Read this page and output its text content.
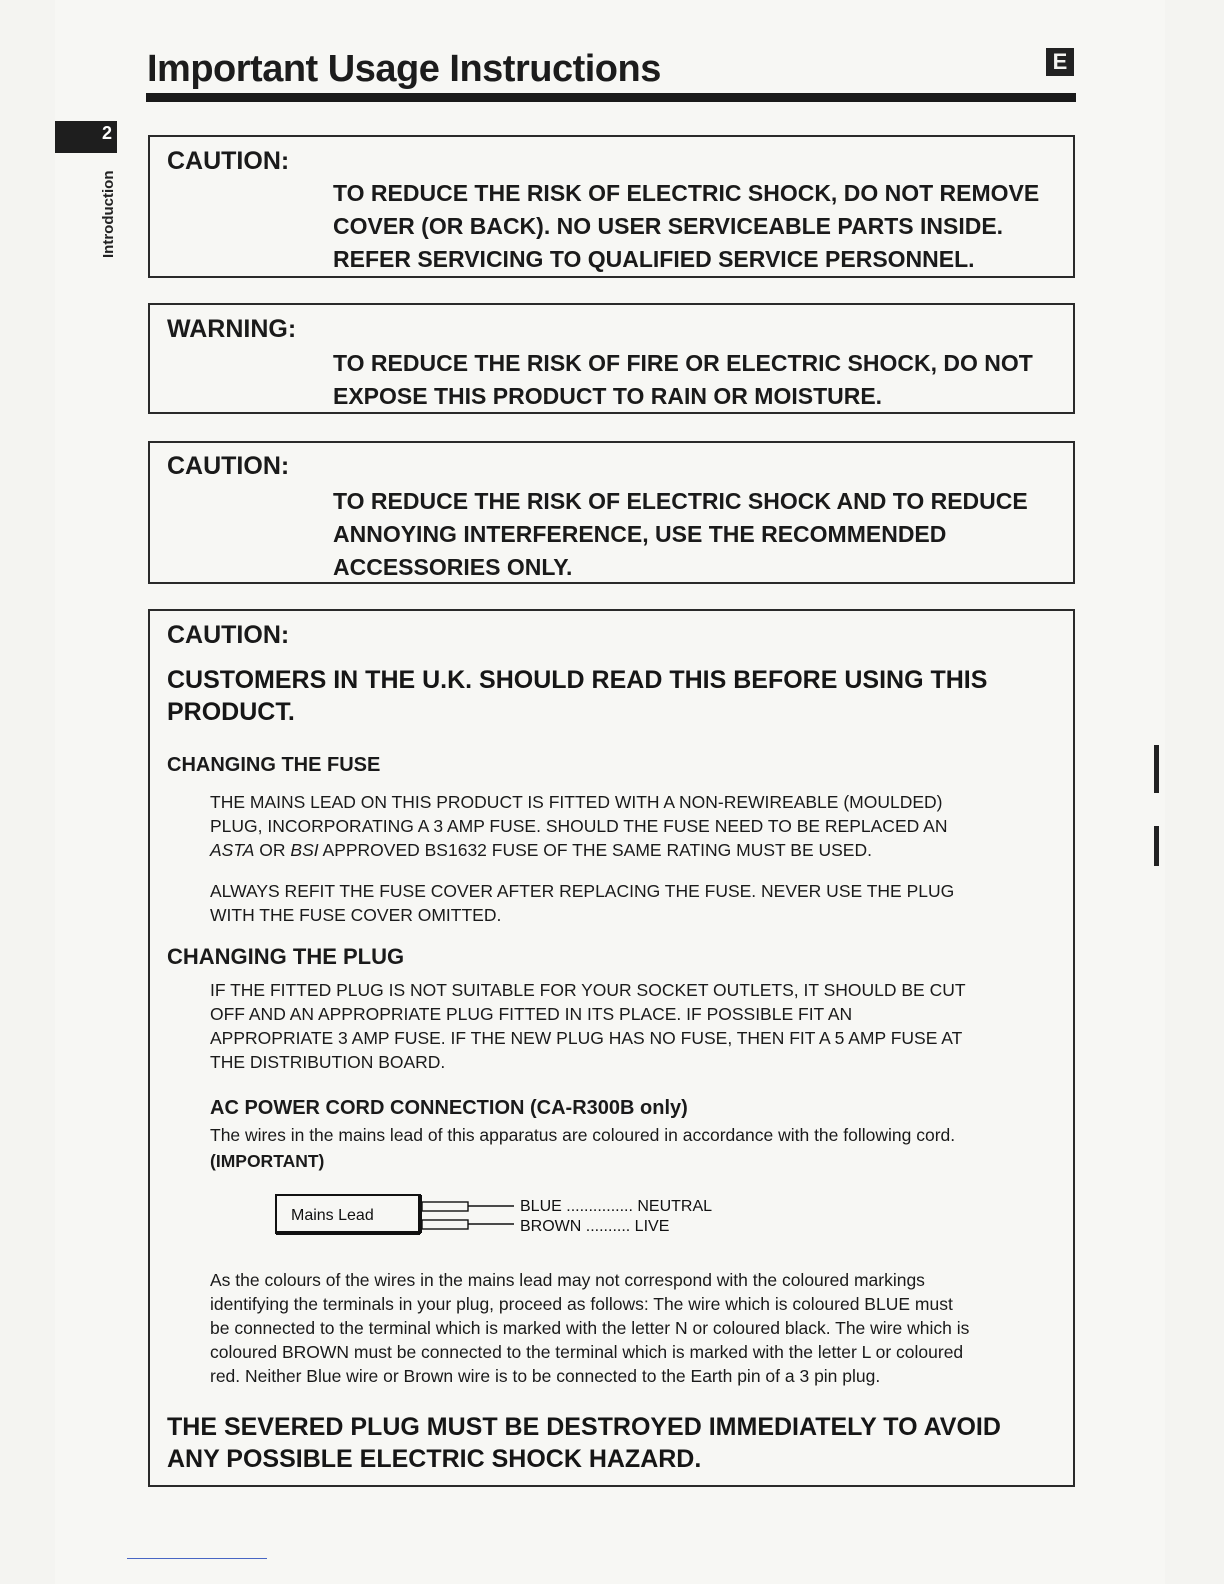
Important Usage Instructions	E
2
Introduction
CAUTION:
TO REDUCE THE RISK OF ELECTRIC SHOCK, DO NOT REMOVE
COVER (OR BACK). NO USER SERVICEABLE PARTS INSIDE.
REFER SERVICING TO QUALIFIED SERVICE PERSONNEL.
WARNING:
TO REDUCE THE RISK OF FIRE OR ELECTRIC SHOCK, DO NOT
EXPOSE THIS PRODUCT TO RAIN OR MOISTURE.
CAUTION:
TO REDUCE THE RISK OF ELECTRIC SHOCK AND TO REDUCE
ANNOYING INTERFERENCE, USE THE RECOMMENDED
ACCESSORIES ONLY.
CAUTION:
CUSTOMERS IN THE U.K. SHOULD READ THIS BEFORE USING THIS
PRODUCT.
CHANGING THE FUSE
THE MAINS LEAD ON THIS PRODUCT IS FITTED WITH A NON-REWIREABLE (MOULDED)
PLUG, INCORPORATING A 3 AMP FUSE. SHOULD THE FUSE NEED TO BE REPLACED AN
ASTA OR BSI APPROVED BS1632 FUSE OF THE SAME RATING MUST BE USED.
ALWAYS REFIT THE FUSE COVER AFTER REPLACING THE FUSE. NEVER USE THE PLUG
WITH THE FUSE COVER OMITTED.
CHANGING THE PLUG
IF THE FITTED PLUG IS NOT SUITABLE FOR YOUR SOCKET OUTLETS, IT SHOULD BE CUT
OFF AND AN APPROPRIATE PLUG FITTED IN ITS PLACE. IF POSSIBLE FIT AN
APPROPRIATE 3 AMP FUSE. IF THE NEW PLUG HAS NO FUSE, THEN FIT A 5 AMP FUSE AT
THE DISTRIBUTION BOARD.
AC POWER CORD CONNECTION (CA-R300B only)
The wires in the mains lead of this apparatus are coloured in accordance with the following cord.
(IMPORTANT)
Mains Lead
BLUE ............... NEUTRAL
BROWN .......... LIVE
As the colours of the wires in the mains lead may not correspond with the coloured markings
identifying the terminals in your plug, proceed as follows: The wire which is coloured BLUE must
be connected to the terminal which is marked with the letter N or coloured black. The wire which is
coloured BROWN must be connected to the terminal which is marked with the letter L or coloured
red. Neither Blue wire or Brown wire is to be connected to the Earth pin of a 3 pin plug.
THE SEVERED PLUG MUST BE DESTROYED IMMEDIATELY TO AVOID
ANY POSSIBLE ELECTRIC SHOCK HAZARD.
